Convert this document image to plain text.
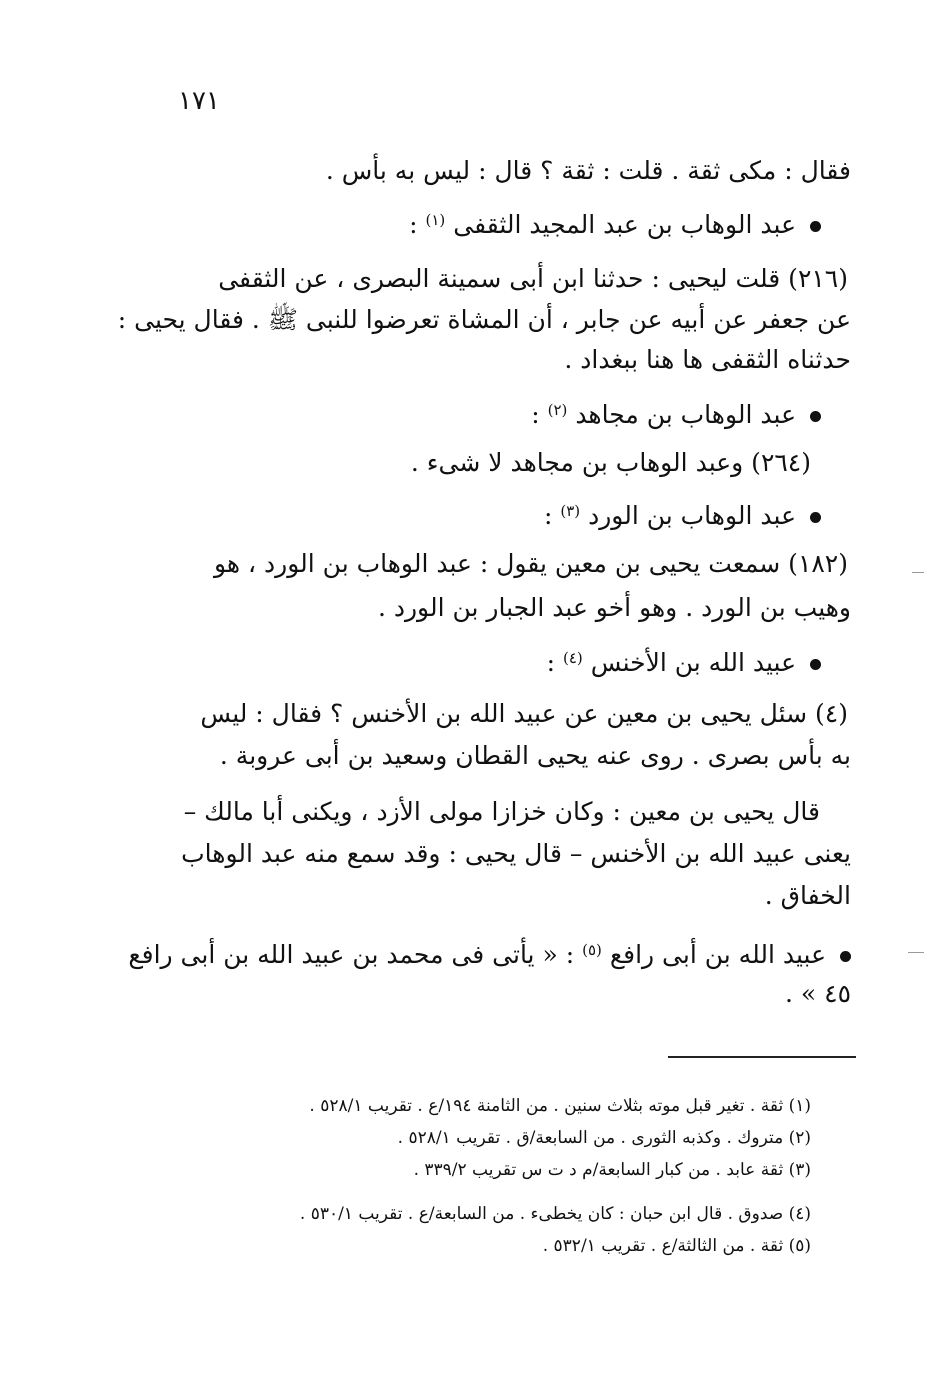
١٧١
فقال : مكى ثقة . قلت : ثقة ؟ قال : ليس به بأس .
عبد الوهاب بن عبد المجيد الثقفى $^{(١)}$ :
(٢١٦) قلت ليحيى : حدثنا ابن أبى سمينة البصرى ، عن الثقفى
عن جعفر عن أبيه عن جابر ، أن المشاة تعرضوا للنبى ﷺ . فقال يحيى :
حدثناه الثقفى ها هنا ببغداد .
عبد الوهاب بن مجاهد $^{(٢)}$ :
(٢٦٤) وعبد الوهاب بن مجاهد لا شىء .
عبد الوهاب بن الورد $^{(٣)}$ :
(١٨٢) سمعت يحيى بن معين يقول : عبد الوهاب بن الورد ، هو
وهيب بن الورد . وهو أخو عبد الجبار بن الورد .
عبيد الله بن الأخنس $^{(٤)}$ :
(٤) سئل يحيى بن معين عن عبيد الله بن الأخنس ؟ فقال : ليس
به بأس بصرى . روى عنه يحيى القطان وسعيد بن أبى عروبة .
قال يحيى بن معين : وكان خزازا مولى الأزد ، ويكنى أبا مالك –
يعنى عبيد الله بن الأخنس – قال يحيى : وقد سمع منه عبد الوهاب
الخفاق .
عبيد الله بن أبى رافع $^{(٥)}$ : « يأتى فى محمد بن عبيد الله بن أبى رافع
٤٥ » .
(١) ثقة . تغير قبل موته بثلاث سنين . من الثامنة ١٩٤/ع . تقريب ٥٢٨/١ .
(٢) متروك . وكذبه الثورى . من السابعة/ق . تقريب ٥٢٨/١ .
(٣) ثقة عابد . من كبار السابعة/م د ت س تقريب ٣٣٩/٢ .
(٤) صدوق . قال ابن حبان : كان يخطىء . من السابعة/ع . تقريب ٥٣٠/١ .
(٥) ثقة . من الثالثة/ع . تقريب ٥٣٢/١ .
